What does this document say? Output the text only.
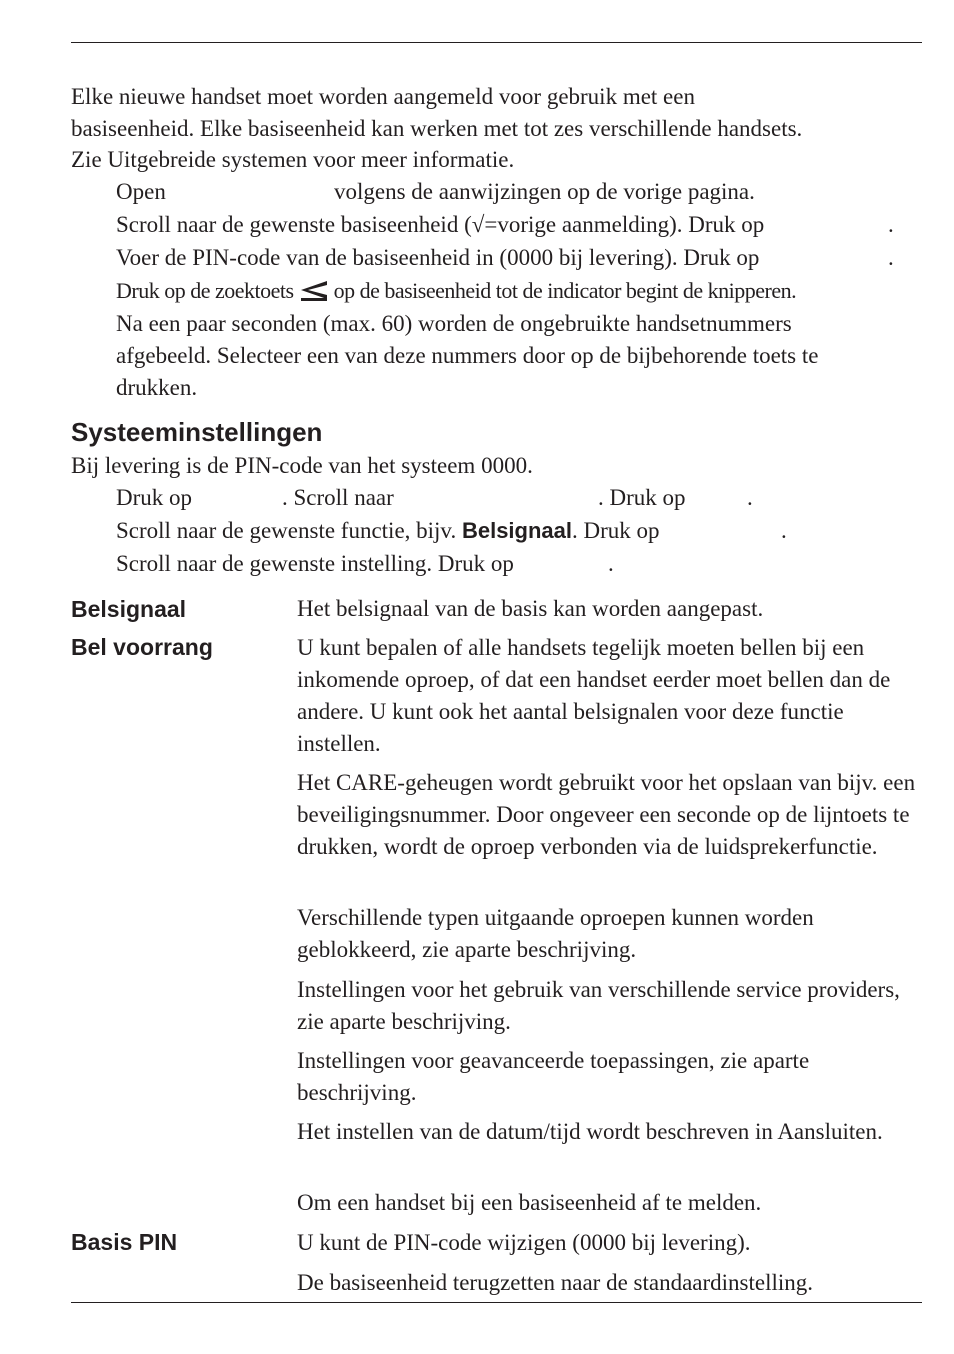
Elke nieuwe handset moet worden aangemeld voor gebruik met een
basiseenheid. Elke basiseenheid kan werken met tot zes verschillende handsets.
Zie Uitgebreide systemen voor meer informatie.
Open	volgens de aanwijzingen op de vorige pagina.
Scroll naar de gewenste basiseenheid (√=vorige aanmelding). Druk op	.
Voer de PIN-code van de basiseenheid in (0000 bij levering). Druk op	.
Druk op de zoektoets op de basiseenheid tot de indicator begint de knipperen.
Na een paar seconden (max. 60) worden de ongebruikte handsetnummers
afgebeeld. Selecteer een van deze nummers door op de bijbehorende toets te
drukken.
Systeeminstellingen
Bij levering is de PIN-code van het systeem 0000.
Druk op	. Scroll naar	. Druk op	.
Scroll naar de gewenste functie, bijv. Belsignaal. Druk op	.
Scroll naar de gewenste instelling. Druk op	.
Belsignaal	Het belsignaal van de basis kan worden aangepast.
Bel voorrang	U kunt bepalen of alle handsets tegelijk moeten bellen bij een inkomende oproep, of dat een handset eerder moet bellen dan de andere. U kunt ook het aantal belsignalen voor deze functie instellen.
Het CARE-geheugen wordt gebruikt voor het opslaan van bijv. een beveiligingsnummer. Door ongeveer een seconde op de lijntoets te drukken, wordt de oproep verbonden via de luidsprekerfunctie.
Verschillende typen uitgaande oproepen kunnen worden geblokkeerd, zie aparte beschrijving.
Instellingen voor het gebruik van verschillende service providers, zie aparte beschrijving.
Instellingen voor geavanceerde toepassingen, zie aparte beschrijving.
Het instellen van de datum/tijd wordt beschreven in Aansluiten.
Om een handset bij een basiseenheid af te melden.
Basis PIN	U kunt de PIN-code wijzigen (0000 bij levering).
De basiseenheid terugzetten naar de standaardinstelling.
